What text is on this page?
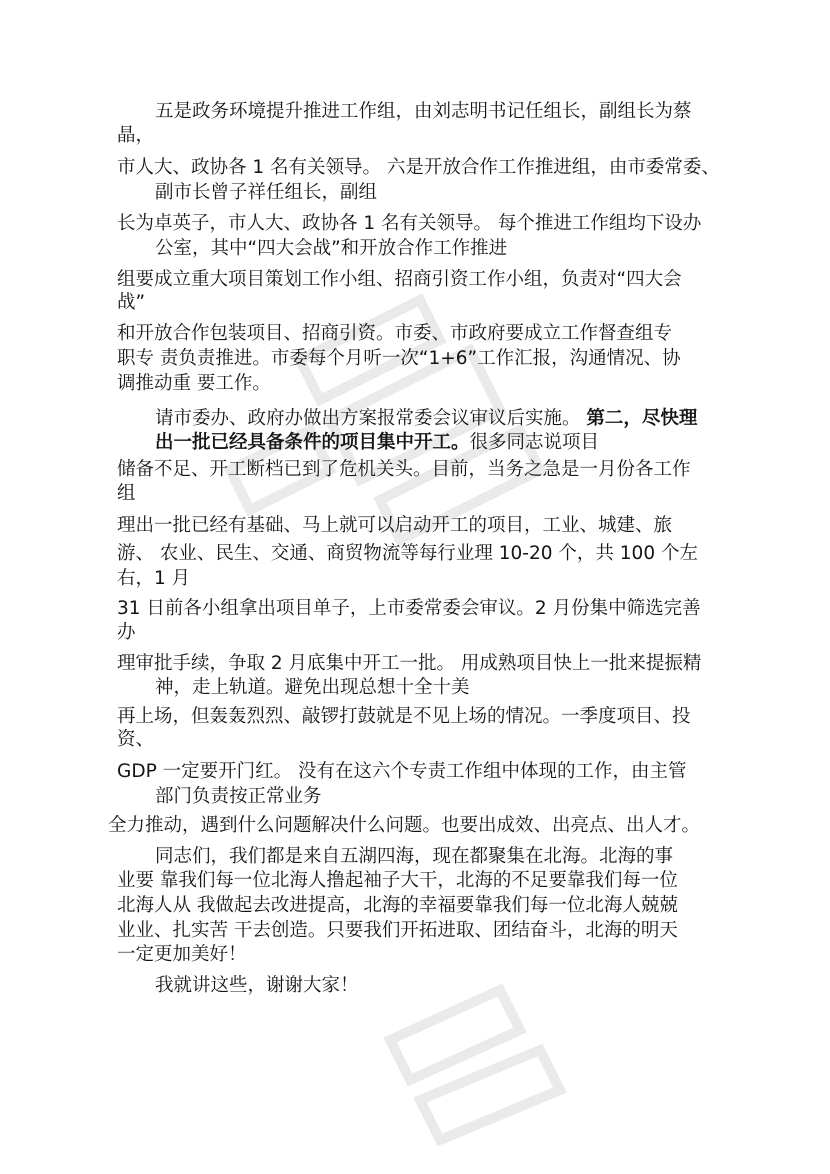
五是政务环境提升推进工作组，由刘志明书记任组长，副组长为蔡
晶，
市人大、政协各 1 名有关领导。 六是开放合作工作推进组，由市委常委、
副市长曾子祥任组长，副组
长为卓英子，市人大、政协各 1 名有关领导。 每个推进工作组均下设办
公室，其中“四大会战”和开放合作工作推进
组要成立重大项目策划工作小组、招商引资工作小组，负责对“四大会
战”
和开放合作包装项目、招商引资。市委、市政府要成立工作督查组专
职专 责负责推进。市委每个月听一次“1+6”工作汇报，沟通情况、协
调推动重 要工作。
请市委办、政府办做出方案报常委会议审议后实施。 第二，尽快理
出一批已经具备条件的项目集中开工。很多同志说项目
储备不足、开工断档已到了危机关头。目前，当务之急是一月份各工作
组
理出一批已经有基础、马上就可以启动开工的项目，工业、城建、旅
游、 农业、民生、交通、商贸物流等每行业理 10-20 个，共 100 个左
右，1 月
31 日前各小组拿出项目单子，上市委常委会审议。2 月份集中筛选完善
办
理审批手续，争取 2 月底集中开工一批。 用成熟项目快上一批来提振精
神，走上轨道。避免出现总想十全十美
再上场，但轰轰烈烈、敲锣打鼓就是不见上场的情况。一季度项目、投
资、
GDP 一定要开门红。 没有在这六个专责工作组中体现的工作，由主管
部门负责按正常业务
全力推动，遇到什么问题解决什么问题。也要出成效、出亮点、出人才。
同志们，我们都是来自五湖四海，现在都聚集在北海。北海的事
业要 靠我们每一位北海人撸起袖子大干，北海的不足要靠我们每一位
北海人从 我做起去改进提高，北海的幸福要靠我们每一位北海人兢兢
业业、扎实苦 干去创造。只要我们开拓进取、团结奋斗，北海的明天
一定更加美好！
我就讲这些，谢谢大家！
